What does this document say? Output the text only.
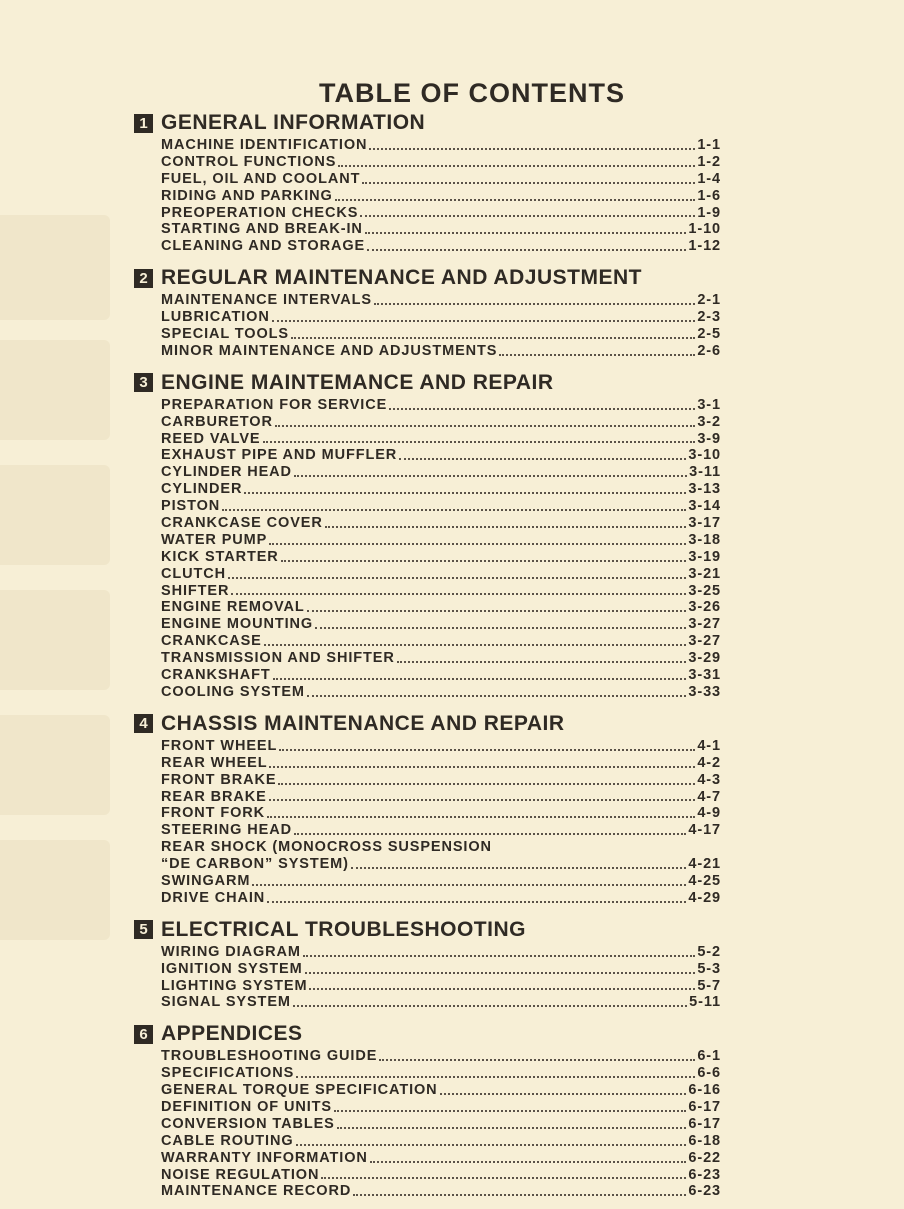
TABLE OF CONTENTS
1 GENERAL INFORMATION
MACHINE IDENTIFICATION	1-1
CONTROL FUNCTIONS	1-2
FUEL, OIL AND COOLANT	1-4
RIDING AND PARKING	1-6
PREOPERATION CHECKS	1-9
STARTING AND BREAK-IN	1-10
CLEANING AND STORAGE	1-12
2 REGULAR MAINTENANCE AND ADJUSTMENT
MAINTENANCE INTERVALS	2-1
LUBRICATION	2-3
SPECIAL TOOLS	2-5
MINOR MAINTENANCE AND ADJUSTMENTS	2-6
3 ENGINE MAINTEMANCE AND REPAIR
PREPARATION FOR SERVICE	3-1
CARBURETOR	3-2
REED VALVE	3-9
EXHAUST PIPE AND MUFFLER	3-10
CYLINDER HEAD	3-11
CYLINDER	3-13
PISTON	3-14
CRANKCASE COVER	3-17
WATER PUMP	3-18
KICK STARTER	3-19
CLUTCH	3-21
SHIFTER	3-25
ENGINE REMOVAL	3-26
ENGINE MOUNTING	3-27
CRANKCASE	3-27
TRANSMISSION AND SHIFTER	3-29
CRANKSHAFT	3-31
COOLING SYSTEM	3-33
4 CHASSIS MAINTENANCE AND REPAIR
FRONT WHEEL	4-1
REAR WHEEL	4-2
FRONT BRAKE	4-3
REAR BRAKE	4-7
FRONT FORK	4-9
STEERING HEAD	4-17
REAR SHOCK (MONOCROSS SUSPENSION
“DE CARBON” SYSTEM)	4-21
SWINGARM	4-25
DRIVE CHAIN	4-29
5 ELECTRICAL TROUBLESHOOTING
WIRING DIAGRAM	5-2
IGNITION SYSTEM	5-3
LIGHTING SYSTEM	5-7
SIGNAL SYSTEM	5-11
6 APPENDICES
TROUBLESHOOTING GUIDE	6-1
SPECIFICATIONS	6-6
GENERAL TORQUE SPECIFICATION	6-16
DEFINITION OF UNITS	6-17
CONVERSION TABLES	6-17
CABLE ROUTING	6-18
WARRANTY INFORMATION	6-22
NOISE REGULATION	6-23
MAINTENANCE RECORD	6-23
